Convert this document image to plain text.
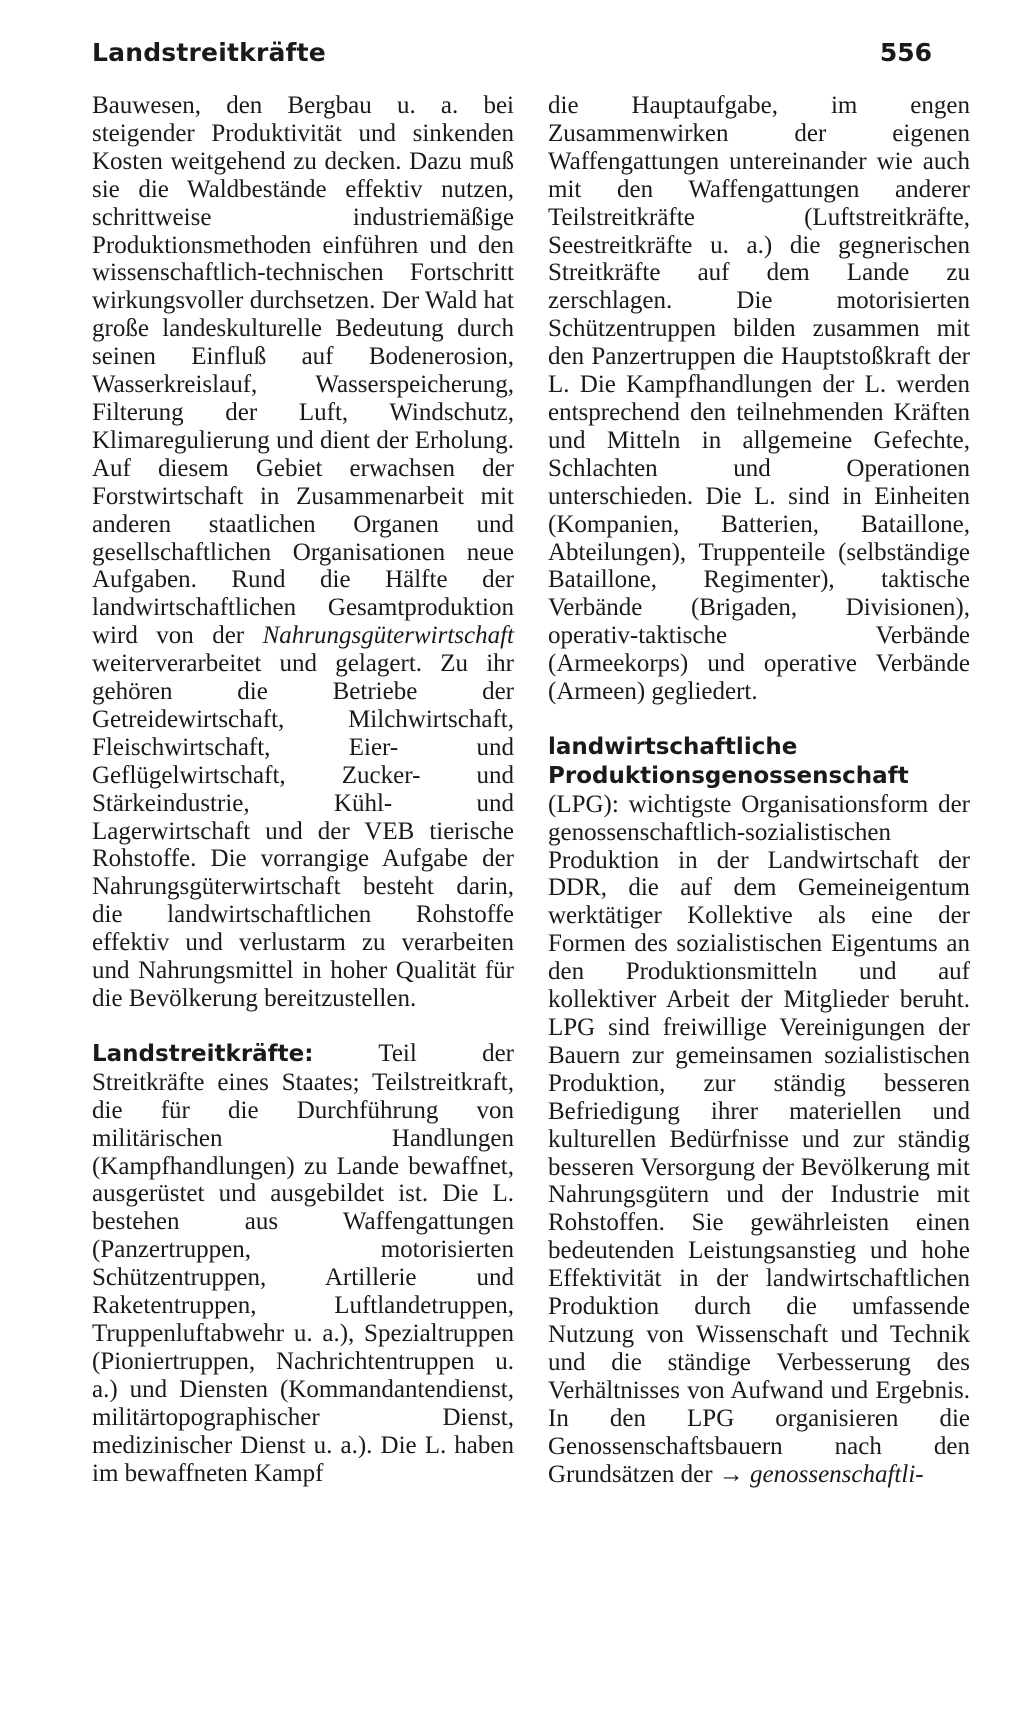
Landstreitkräfte	556

Bauwesen, den Bergbau u. a. bei steigender Produktivität und sinkenden Kosten weitgehend zu decken. Dazu muß sie die Waldbestände effektiv nutzen, schrittweise industriemäßige Produktionsmethoden einführen und den wissenschaftlich-technischen Fortschritt wirkungsvoller durchsetzen. Der Wald hat große landeskulturelle Bedeutung durch seinen Einfluß auf Bodenerosion, Wasserkreislauf, Wasserspeicherung, Filterung der Luft, Windschutz, Klimaregulierung und dient der Erholung. Auf diesem Gebiet erwachsen der Forstwirtschaft in Zusammenarbeit mit anderen staatlichen Organen und gesellschaftlichen Organisationen neue Aufgaben. Rund die Hälfte der landwirtschaftlichen Gesamtproduktion wird von der Nahrungsgüterwirtschaft weiterverarbeitet und gelagert. Zu ihr gehören die Betriebe der Getreidewirtschaft, Milchwirtschaft, Fleischwirtschaft, Eier- und Geflügelwirtschaft, Zucker- und Stärkeindustrie, Kühl- und Lagerwirtschaft und der VEB tierische Rohstoffe. Die vorrangige Aufgabe der Nahrungsgüterwirtschaft besteht darin, die landwirtschaftlichen Rohstoffe effektiv und verlustarm zu verarbeiten und Nahrungsmittel in hoher Qualität für die Bevölkerung bereitzustellen.

Landstreitkräfte:	Teil der Streitkräfte eines Staates; Teilstreitkraft, die für die Durchführung von militärischen Handlungen (Kampfhandlungen) zu Lande bewaffnet, ausgerüstet und ausgebildet ist. Die L. bestehen aus Waffengattungen (Panzertruppen, motorisierten Schützentruppen, Artillerie und Raketentruppen, Luftlandetruppen, Truppenluftabwehr u. a.), Spezialtruppen (Pioniertruppen, Nachrichtentruppen u. a.) und Diensten (Kommandantendienst, militärtopographischer Dienst, medizinischer Dienst u. a.). Die L. haben im bewaffneten Kampf

die Hauptaufgabe, im engen Zusammenwirken der eigenen Waffengattungen untereinander wie auch mit den Waffengattungen anderer Teilstreitkräfte (Luftstreitkräfte, Seestreitkräfte u. a.) die gegnerischen Streitkräfte auf dem Lande zu zerschlagen. Die motorisierten Schützentruppen bilden zusammen mit den Panzertruppen die Hauptstoßkraft der L. Die Kampfhandlungen der L. werden entsprechend den teilnehmenden Kräften und Mitteln in allgemeine Gefechte, Schlachten und Operationen unterschieden. Die L. sind in Einheiten (Kompanien, Batterien, Bataillone, Abteilungen), Truppenteile (selbständige Bataillone, Regimenter), taktische Verbände (Brigaden, Divisionen), operativ-taktische Verbände (Armeekorps) und operative Verbände (Armeen) gegliedert.

landwirtschaftliche Produktionsgenossenschaft (LPG): wichtigste Organisationsform der genossenschaftlich-sozialistischen Produktion in der Landwirtschaft der DDR, die auf dem Gemeineigentum werktätiger Kollektive als eine der Formen des sozialistischen Eigentums an den Produktionsmitteln und auf kollektiver Arbeit der Mitglieder beruht. LPG sind freiwillige Vereinigungen der Bauern zur gemeinsamen sozialistischen Produktion, zur ständig besseren Befriedigung ihrer materiellen und kulturellen Bedürfnisse und zur ständig besseren Versorgung der Bevölkerung mit Nahrungsgütern und der Industrie mit Rohstoffen. Sie gewährleisten einen bedeutenden Leistungsanstieg und hohe Effektivität in der landwirtschaftlichen Produktion durch die umfassende Nutzung von Wissenschaft und Technik und die ständige Verbesserung des Verhältnisses von Aufwand und Ergebnis. In den LPG organisieren die Genossenschaftsbauern nach den Grundsätzen der → genossenschaftli-
